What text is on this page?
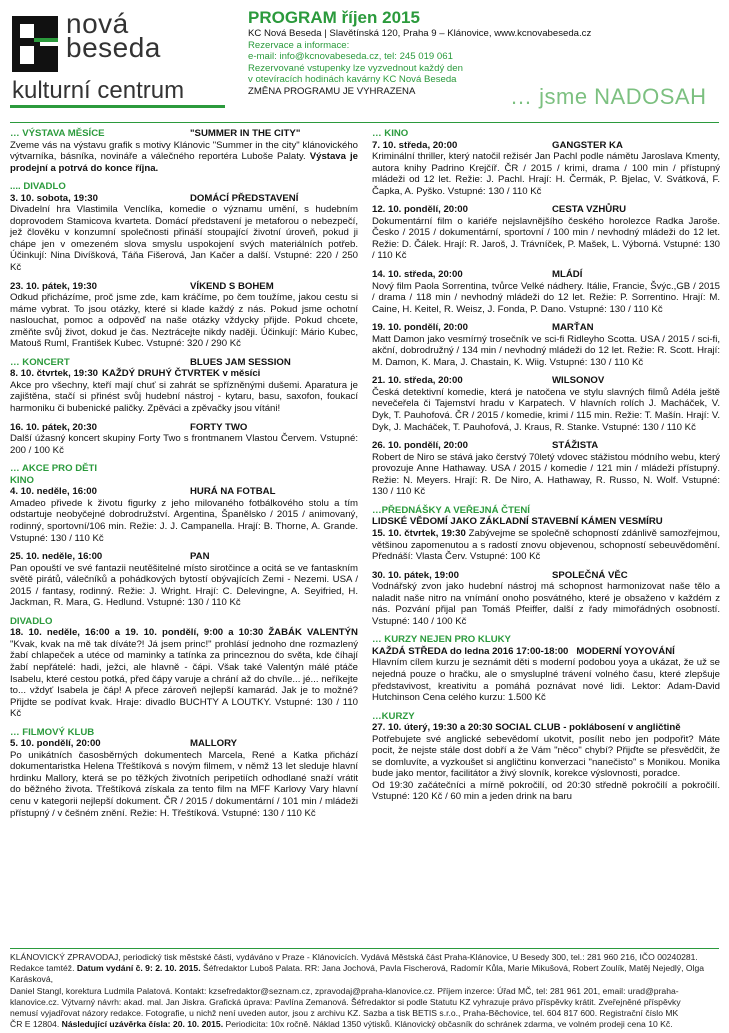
nová
beseda
kulturní centrum
PROGRAM říjen 2015
KC Nová Beseda | Slavětínská 120, Praha 9 – Klánovice, www.kcnovabeseda.cz
Rezervace a informace:
e-mail: info@kcnovabeseda.cz, tel: 245 019 061
Rezervované vstupenky lze vyzvednout každý den
v otevíracích hodinách kavárny KC Nová Beseda
ZMĚNA PROGRAMU JE VYHRAZENA	… jsme NADOSAH
… VÝSTAVA MĚSÍCE	"SUMMER IN THE CITY"
Zveme vás na výstavu grafik s motivy Klánovic "Summer in the city" klánovického výtvarníka, básníka, novináře a válečného reportéra Luboše Palaty. Výstava je prodejní a potrvá do konce října.
.... DIVADLO
3. 10. sobota, 19:30	DOMÁCÍ PŘEDSTAVENÍ
Divadelní hra Vlastimila Venclíka, komedie o významu umění, s hudebním doprovodem Stamicova kvarteta. Domácí představení je metaforou o nebezpečí, jež člověku v konzumní společnosti přináší stoupající životní úroveň, pokud ji chápe jen v omezeném slova smyslu uspokojení svých materiálních potřeb. Účinkují: Nina Divíšková, Táňa Fišerová, Jan Kačer a další. Vstupné: 220 / 250 Kč
23. 10. pátek, 19:30	VÍKEND S BOHEM
Odkud přicházíme, proč jsme zde, kam kráčíme, po čem toužíme, jakou cestu si máme vybrat. To jsou otázky, které si klade každý z nás. Pokud jsme ochotní naslouchat, pomoc a odpověď na naše otázky vždycky přijde. Pokud chcete, změňte svůj život, dokud je čas. Neztrácejte nikdy naději. Účinkují: Mário Kubec, Matouš Ruml, František Kubec. Vstupné: 320 / 290 Kč
… KONCERT	BLUES JAM SESSION
8. 10. čtvrtek, 19:30 KAŽDÝ DRUHÝ ČTVRTEK v měsíci
Akce pro všechny, kteří mají chuť si zahrát se spřízněnými dušemi. Aparatura je zajištěna, stačí si přinést svůj hudební nástroj - kytaru, basu, saxofon, foukací harmoniku či bubenické paličky. Zpěváci a zpěvačky jsou vítáni!
16. 10. pátek, 20:30	FORTY TWO
Další úžasný koncert skupiny Forty Two s frontmanem Vlastou Červem. Vstupné: 200 / 100 Kč
… AKCE PRO DĚTI
KINO
4. 10. neděle, 16:00	HURÁ NA FOTBAL
Amadeo přivede k životu figurky z jeho milovaného fotbálkového stolu a tím odstartuje neobyčejné dobrodružství. Argentina, Španělsko / 2015 / animovaný, rodinný, sportovní/106 min. Režie: J. J. Campanella. Hrají: B. Thorne, A. Grande. Vstupné: 130 / 110 Kč
25. 10. neděle, 16:00	PAN
Pan opouští ve své fantazii neutěšitelné místo sirotčince a ocitá se ve fantaskním světě pirátů, válečníků a pohádkových bytostí obývajících Zemi - Nezemi. USA / 2015 / fantasy, rodinný. Režie: J. Wright. Hrají: C. Delevingne, A. Seyifried, H. Jackman, R. Mara, G. Hedlund. Vstupné: 130 / 110 Kč
DIVADLO
18. 10. neděle, 16:00 a 19. 10. pondělí, 9:00 a 10:30 ŽABÁK VALENTÝN "Kvak, kvak na mě tak díváte?! Já jsem princ!" prohlásí jednoho dne rozmazlený žabí chlapeček a utéce od maminky a tatínka za princeznou do světa, kde číhají žabí nepřátelé: hadi, ježci, ale hlavně - čápi. Však také Valentýn málé ptáče Isabelu, které cestou potká, před čápy varuje a chrání až do chvíle... jé... neříkejte to... vždyť Isabela je čáp! A přece zároveň nejlepší kamarád. Jak je to možné? Přijdte se podívat kvak. Hraje: divadlo BUCHTY A LOUTKY. Vstupné: 130 / 110 Kč
… FILMOVÝ KLUB
5. 10. pondělí, 20:00	MALLORY
Po unikátních časosběrných dokumentech Marcela, René a Katka přichází dokumentaristka Helena Třeštíková s novým filmem, v němž 13 let sleduje hlavní hrdinku Mallory, která se po těžkých životních peripetiích odhodlané snaží vrátit do běžného života. Třeštíková získala za tento film na MFF Karlovy Vary hlavní cenu v kategorii nejlepší dokument. ČR / 2015 / dokumentární / 101 min / mládeži přístupný / v češném znění. Režie: H. Třeštíková. Vstupné: 130 / 110 Kč
… KINO
7. 10. středa, 20:00	GANGSTER KA
Kriminální thriller, který natočil režisér Jan Pachl podle námětu Jaroslava Kmenty, autora knihy Padrino Krejčíř. ČR / 2015 / krimi, drama / 100 min / přístupný mládeži od 12 let. Režie: J. Pachl. Hrají: H. Čermák, P. Bjelac, V. Svátková, F. Čapka, A. Pyško. Vstupné: 130 / 110 Kč
12. 10. pondělí, 20:00	CESTA VZHŮRU
Dokumentární film o kariéře nejslavnějšího českého horolezce Radka Jaroše. Česko / 2015 / dokumentární, sportovní / 100 min / nevhodný mládeži do 12 let. Režie: D. Čálek. Hrají: R. Jaroš, J. Trávníček, P. Mašek, L. Výborná. Vstupné: 130 / 110 Kč
14. 10. středa, 20:00	MLÁDÍ
Nový film Paola Sorrentina, tvůrce Velké nádhery. Itálie, Francie, Švýc.,GB / 2015 / drama / 118 min / nevhodný mládeži do 12 let. Režie: P. Sorrentino. Hrají: M. Caine, H. Keitel, R. Weisz, J. Fonda, P. Dano. Vstupné: 130 / 110 Kč
19. 10. pondělí, 20:00	MARŤAN
Matt Damon jako vesmírný trosečník ve sci-fi Ridleyho Scotta. USA / 2015 / sci-fi, akční, dobrodružný / 134 min / nevhodný mládeži do 12 let. Režie: R. Scott. Hrají: M. Damon, K. Mara, J. Chastain, K. Wiig. Vstupné: 130 / 110 Kč
21. 10. středa, 20:00	WILSONOV
Česká detektivní komedie, která je natočena ve stylu slavných filmů Adéla ještě nevečeřela či Tajemství hradu v Karpatech. V hlavních rolích J. Macháček, V. Dyk, T. Pauhofová. ČR / 2015 / komedie, krimi / 115 min. Režie: T. Mašín. Hrají: V. Dyk, J. Macháček, T. Pauhofová, J. Kraus, R. Stanke. Vstupné: 130 / 110 Kč
26. 10. pondělí, 20:00	STÁŽISTA
Robert de Niro se stává jako čerstvý 70letý vdovec stážistou módního webu, který provozuje Anne Hathaway. USA / 2015 / komedie / 121 min / mládeži přístupný. Režie: N. Meyers. Hrají: R. De Niro, A. Hathaway, R. Russo, N. Wolf. Vstupné: 130 / 110 Kč
…PŘEDNÁŠKY A VEŘEJNÁ ČTENÍ
LIDSKÉ VĚDOMÍ JAKO ZÁKLADNÍ STAVEBNÍ KÁMEN VESMÍRU
15. 10. čtvrtek, 19:30 Zabývejme se společně schopností zdánlivě samozřejmou, většinou zapomenutou a s radostí znovu objevenou, schopností sebeuvědomění. Přednáší: Vlasta Červ. Vstupné: 100 Kč
30. 10. pátek, 19:00	SPOLEČNÁ VĚC
Vodnářský zvon jako hudební nástroj má schopnost harmonizovat naše tělo a naladit naše nitro na vnímání onoho posvátného, které je obsaženo v každém z nás. Pozvání přijal pan Tomáš Pfeiffer, další z řady mimořádných osobností. Vstupné: 140 / 100 Kč
… KURZY NEJEN PRO KLUKY
KAŽDÁ STŘEDA do ledna 2016 17:00-18:00 MODERNÍ YOYOVÁNÍ
Hlavním cílem kurzu je seznámit děti s moderní podobou yoya a ukázat, že už se nejedná pouze o hračku, ale o smysluplné trávení volného času, které zlepšuje představivost, kreativitu a pomáhá poznávat nové lidi. Lektor: Adam-David Hutchinson Cena celého kurzu: 1.500 Kč
…KURZY
27. 10. úterý, 19:30 a 20:30 SOCIAL CLUB - poklábosení v angličtině
Potřebujete své anglické sebevědomí ukotvit, posílit nebo jen podpořit? Máte pocit, že nejste stále dost dobří a že Vám "něco" chybí? Přijďte se přesvědčit, že se domluvíte, a vyzkoušet si angličtinu konverzaci "nanečisto" s Monikou. Monika bude jako mentor, facilitátor a živý slovník, korekce výslovnosti, poradce.
Od 19:30 začátečníci a mírně pokročilí, od 20:30 středně pokročilí a pokročilí. Vstupné: 120 Kč / 60 min a jeden drink na baru

KLÁNOVICKÝ ZPRAVODAJ, periodický tisk městské části, vydáváno v Praze - Klánovicích. Vydává Městská část Praha-Klánovice, U Besedy 300, tel.: 281 960 216, IČO 00240281.

Redakce tamtéž. Datum vydání č. 9: 2. 10. 2015. Šéfredaktor Luboš Palata. RR: Jana Jochová, Pavla Fischerová, Radomír Kůla, Marie Mikušová, Robert Zoulík, Matěj Nejedlý, Olga Karásková,

Daniel Stangl, korektura Ludmila Palatová. Kontakt: kzsefredaktor@seznam.cz, zpravodaj@praha-klanovice.cz. Příjem inzerce: Úřad MČ, tel: 281 961 201, email: urad@praha-

klanovice.cz. Výtvarný návrh: akad. mal. Jan Jiskra. Grafická úprava: Pavlína Zemanová. Šéfredaktor si podle Statutu KZ vyhrazuje právo příspěvky krátit. Zveřejněné příspěvky

nemusí vyjadřovat názory redakce. Fotografie, u nichž není uveden autor, jsou z archivu KZ. Sazba a tisk BETIS s.r.o., Praha-Běchovice, tel. 604 817 600. Registrační číslo MK

ČR E 12804. Následující uzávěrka čísla: 20. 10. 2015. Periodicita: 10x ročně. Náklad 1350 výtisků. Klánovický občasník do schránek zdarma, ve volném prodeji cena 10 Kč.
